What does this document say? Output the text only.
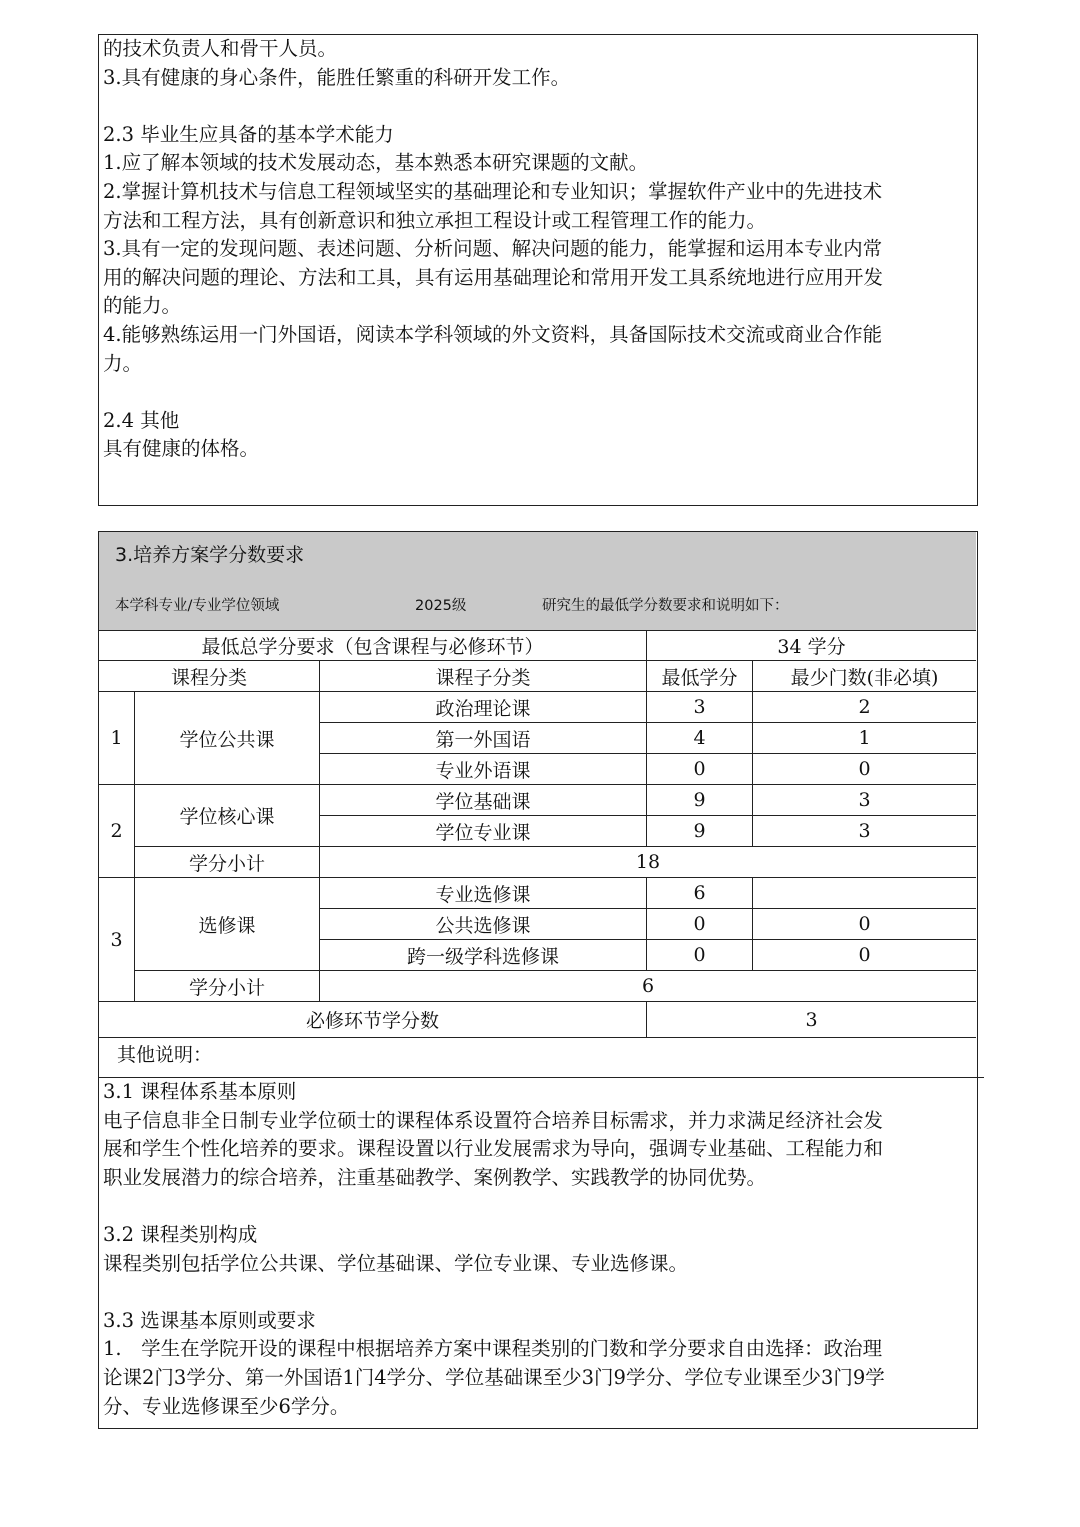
的技术负责人和骨干人员。
3.具有健康的身心条件，能胜任繁重的科研开发工作。
2.3 毕业生应具备的基本学术能力
1.应了解本领域的技术发展动态，基本熟悉本研究课题的文献。
2.掌握计算机技术与信息工程领域坚实的基础理论和专业知识；掌握软件产业中的先进技术
方法和工程方法，具有创新意识和独立承担工程设计或工程管理工作的能力。
3.具有一定的发现问题、表述问题、分析问题、解决问题的能力，能掌握和运用本专业内常
用的解决问题的理论、方法和工具，具有运用基础理论和常用开发工具系统地进行应用开发
的能力。
4.能够熟练运用一门外国语，阅读本学科领域的外文资料，具备国际技术交流或商业合作能
力。
2.4 其他
具有健康的体格。
3.培养方案学分数要求
本学科专业/专业学位领域	2025级	研究生的最低学分数要求和说明如下：
最低总学分要求（包含课程与必修环节）	34 学分
课程分类	课程子分类	最低学分	最少门数(非必填)
1	学位公共课
政治理论课	3	2
第一外国语	4	1
专业外语课	0	0
2
学位核心课
学位基础课	9	3
学位专业课	9	3
学分小计	18
3
选修课
专业选修课	6
公共选修课	0	0
跨一级学科选修课	0	0
学分小计	6
必修环节学分数	3
其他说明：
3.1 课程体系基本原则
电子信息非全日制专业学位硕士的课程体系设置符合培养目标需求，并力求满足经济社会发
展和学生个性化培养的要求。课程设置以行业发展需求为导向，强调专业基础、工程能力和
职业发展潜力的综合培养，注重基础教学、案例教学、实践教学的协同优势。
3.2 课程类别构成
课程类别包括学位公共课、学位基础课、学位专业课、专业选修课。
3.3 选课基本原则或要求
1.　学生在学院开设的课程中根据培养方案中课程类别的门数和学分要求自由选择：政治理
论课2门3学分、第一外国语1门4学分、学位基础课至少3门9学分、学位专业课至少3门9学
分、专业选修课至少6学分。
